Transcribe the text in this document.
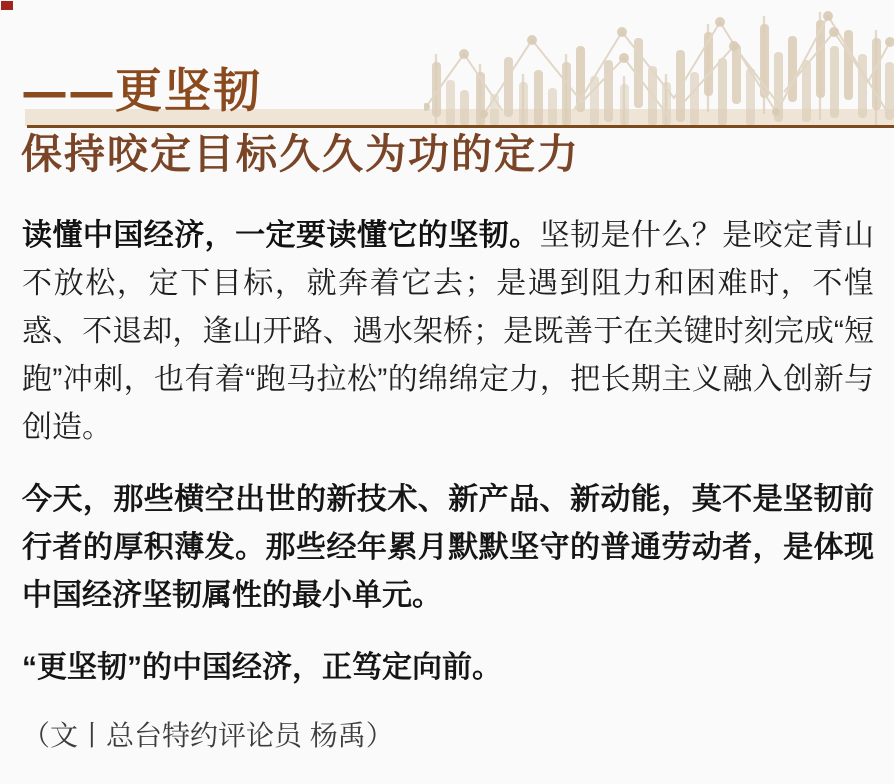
——更坚韧
保持咬定目标久久为功的定力

读懂中国经济，一定要读懂它的坚韧。坚韧是什么？是咬定青山不放松，定下目标，就奔着它去；是遇到阻力和困难时，不惶惑、不退却，逢山开路、遇水架桥；是既善于在关键时刻完成“短跑”冲刺，也有着“跑马拉松”的绵绵定力，把长期主义融入创新与创造。

今天，那些横空出世的新技术、新产品、新动能，莫不是坚韧前行者的厚积薄发。那些经年累月默默坚守的普通劳动者，是体现中国经济坚韧属性的最小单元。

“更坚韧”的中国经济，正笃定向前。

（文丨总台特约评论员 杨禹）
